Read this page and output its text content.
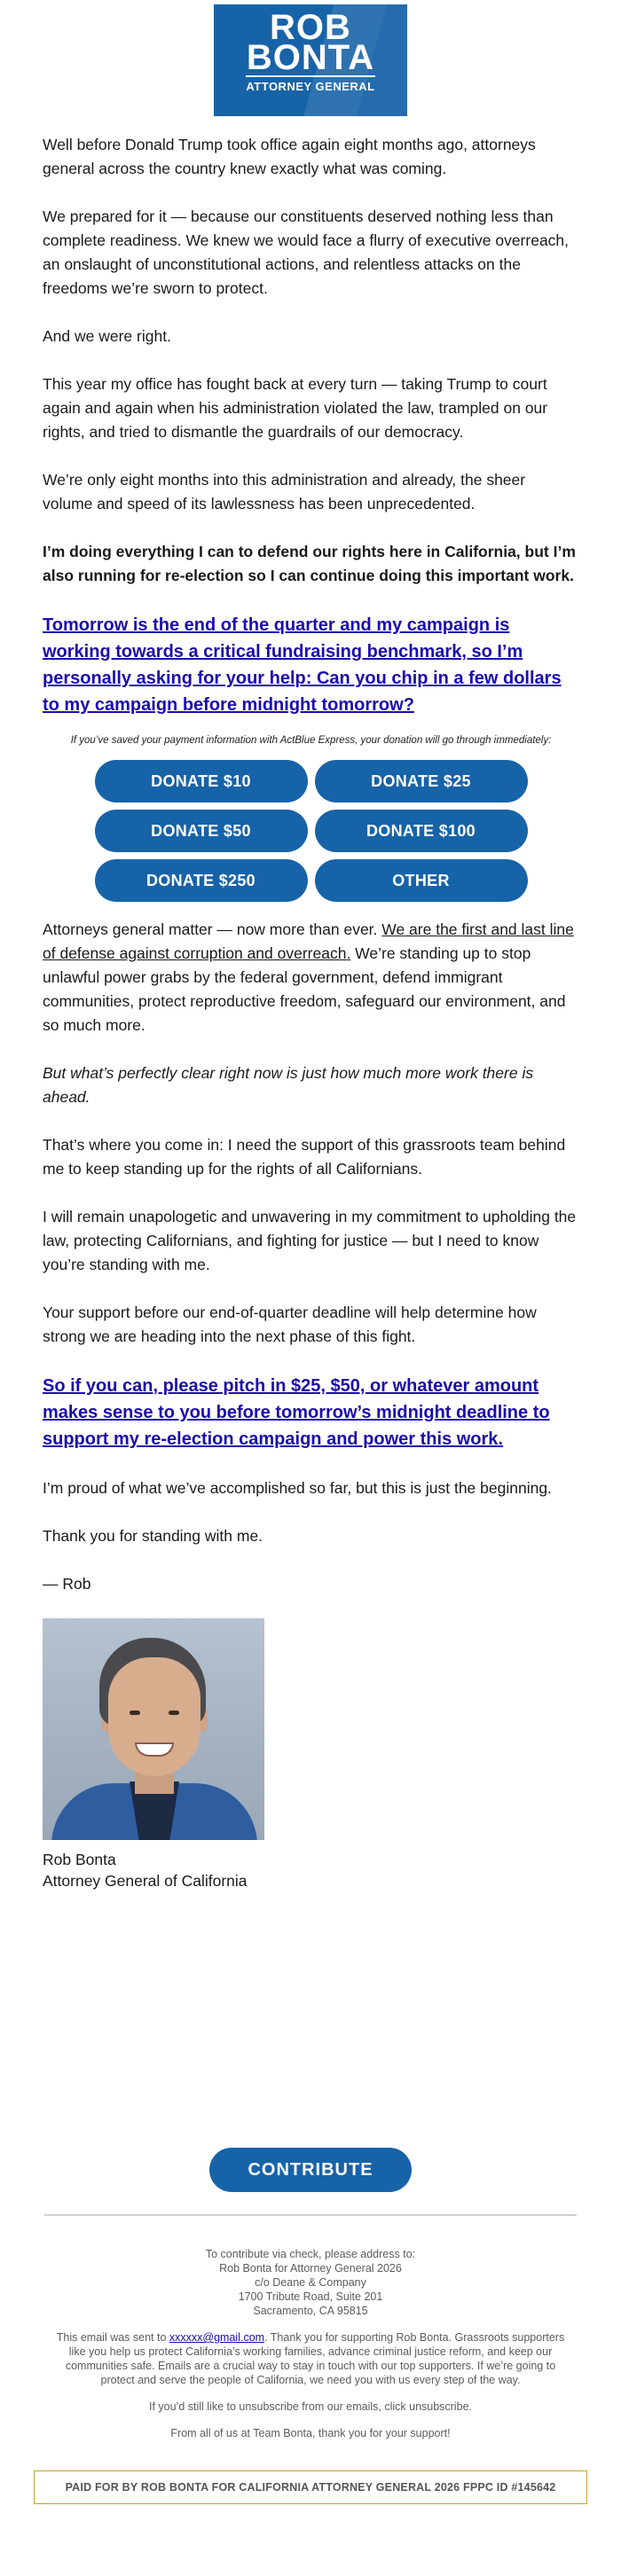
ROB
BONTA
ATTORNEY GENERAL

Well before Donald Trump took office again eight months ago, attorneys general across the country knew exactly what was coming.

We prepared for it — because our constituents deserved nothing less than complete readiness. We knew we would face a flurry of executive overreach, an onslaught of unconstitutional actions, and relentless attacks on the freedoms we’re sworn to protect.

And we were right.

This year my office has fought back at every turn — taking Trump to court again and again when his administration violated the law, trampled on our rights, and tried to dismantle the guardrails of our democracy.

We’re only eight months into this administration and already, the sheer volume and speed of its lawlessness has been unprecedented.

I’m doing everything I can to defend our rights here in California, but I’m also running for re-election so I can continue doing this important work.

Tomorrow is the end of the quarter and my campaign is working towards a critical fundraising benchmark, so I’m personally asking for your help: Can you chip in a few dollars to my campaign before midnight tomorrow?

If you’ve saved your payment information with ActBlue Express, your donation will go through immediately:

DONATE $10	DONATE $25
DONATE $50	DONATE $100
DONATE $250	OTHER

Attorneys general matter — now more than ever. We are the first and last line of defense against corruption and overreach. We’re standing up to stop unlawful power grabs by the federal government, defend immigrant communities, protect reproductive freedom, safeguard our environment, and so much more.

But what’s perfectly clear right now is just how much more work there is ahead.

That’s where you come in: I need the support of this grassroots team behind me to keep standing up for the rights of all Californians.

I will remain unapologetic and unwavering in my commitment to upholding the law, protecting Californians, and fighting for justice — but I need to know you’re standing with me.

Your support before our end-of-quarter deadline will help determine how strong we are heading into the next phase of this fight.

So if you can, please pitch in $25, $50, or whatever amount makes sense to you before tomorrow’s midnight deadline to support my re-election campaign and power this work.

I’m proud of what we’ve accomplished so far, but this is just the beginning.

Thank you for standing with me.

— Rob

Rob Bonta
Attorney General of California
CONTRIBUTE
To contribute via check, please address to:
Rob Bonta for Attorney General 2026
c/o Deane & Company
1700 Tribute Road, Suite 201
Sacramento, CA 95815
This email was sent to xxxxxx@gmail.com. Thank you for supporting Rob Bonta. Grassroots supporters like you help us protect California’s working families, advance criminal justice reform, and keep our communities safe. Emails are a crucial way to stay in touch with our top supporters. If we’re going to protect and serve the people of California, we need you with us every step of the way.
If you’d still like to unsubscribe from our emails, click unsubscribe.
From all of us at Team Bonta, thank you for your support!
PAID FOR BY ROB BONTA FOR CALIFORNIA ATTORNEY GENERAL 2026 FPPC ID #145642
